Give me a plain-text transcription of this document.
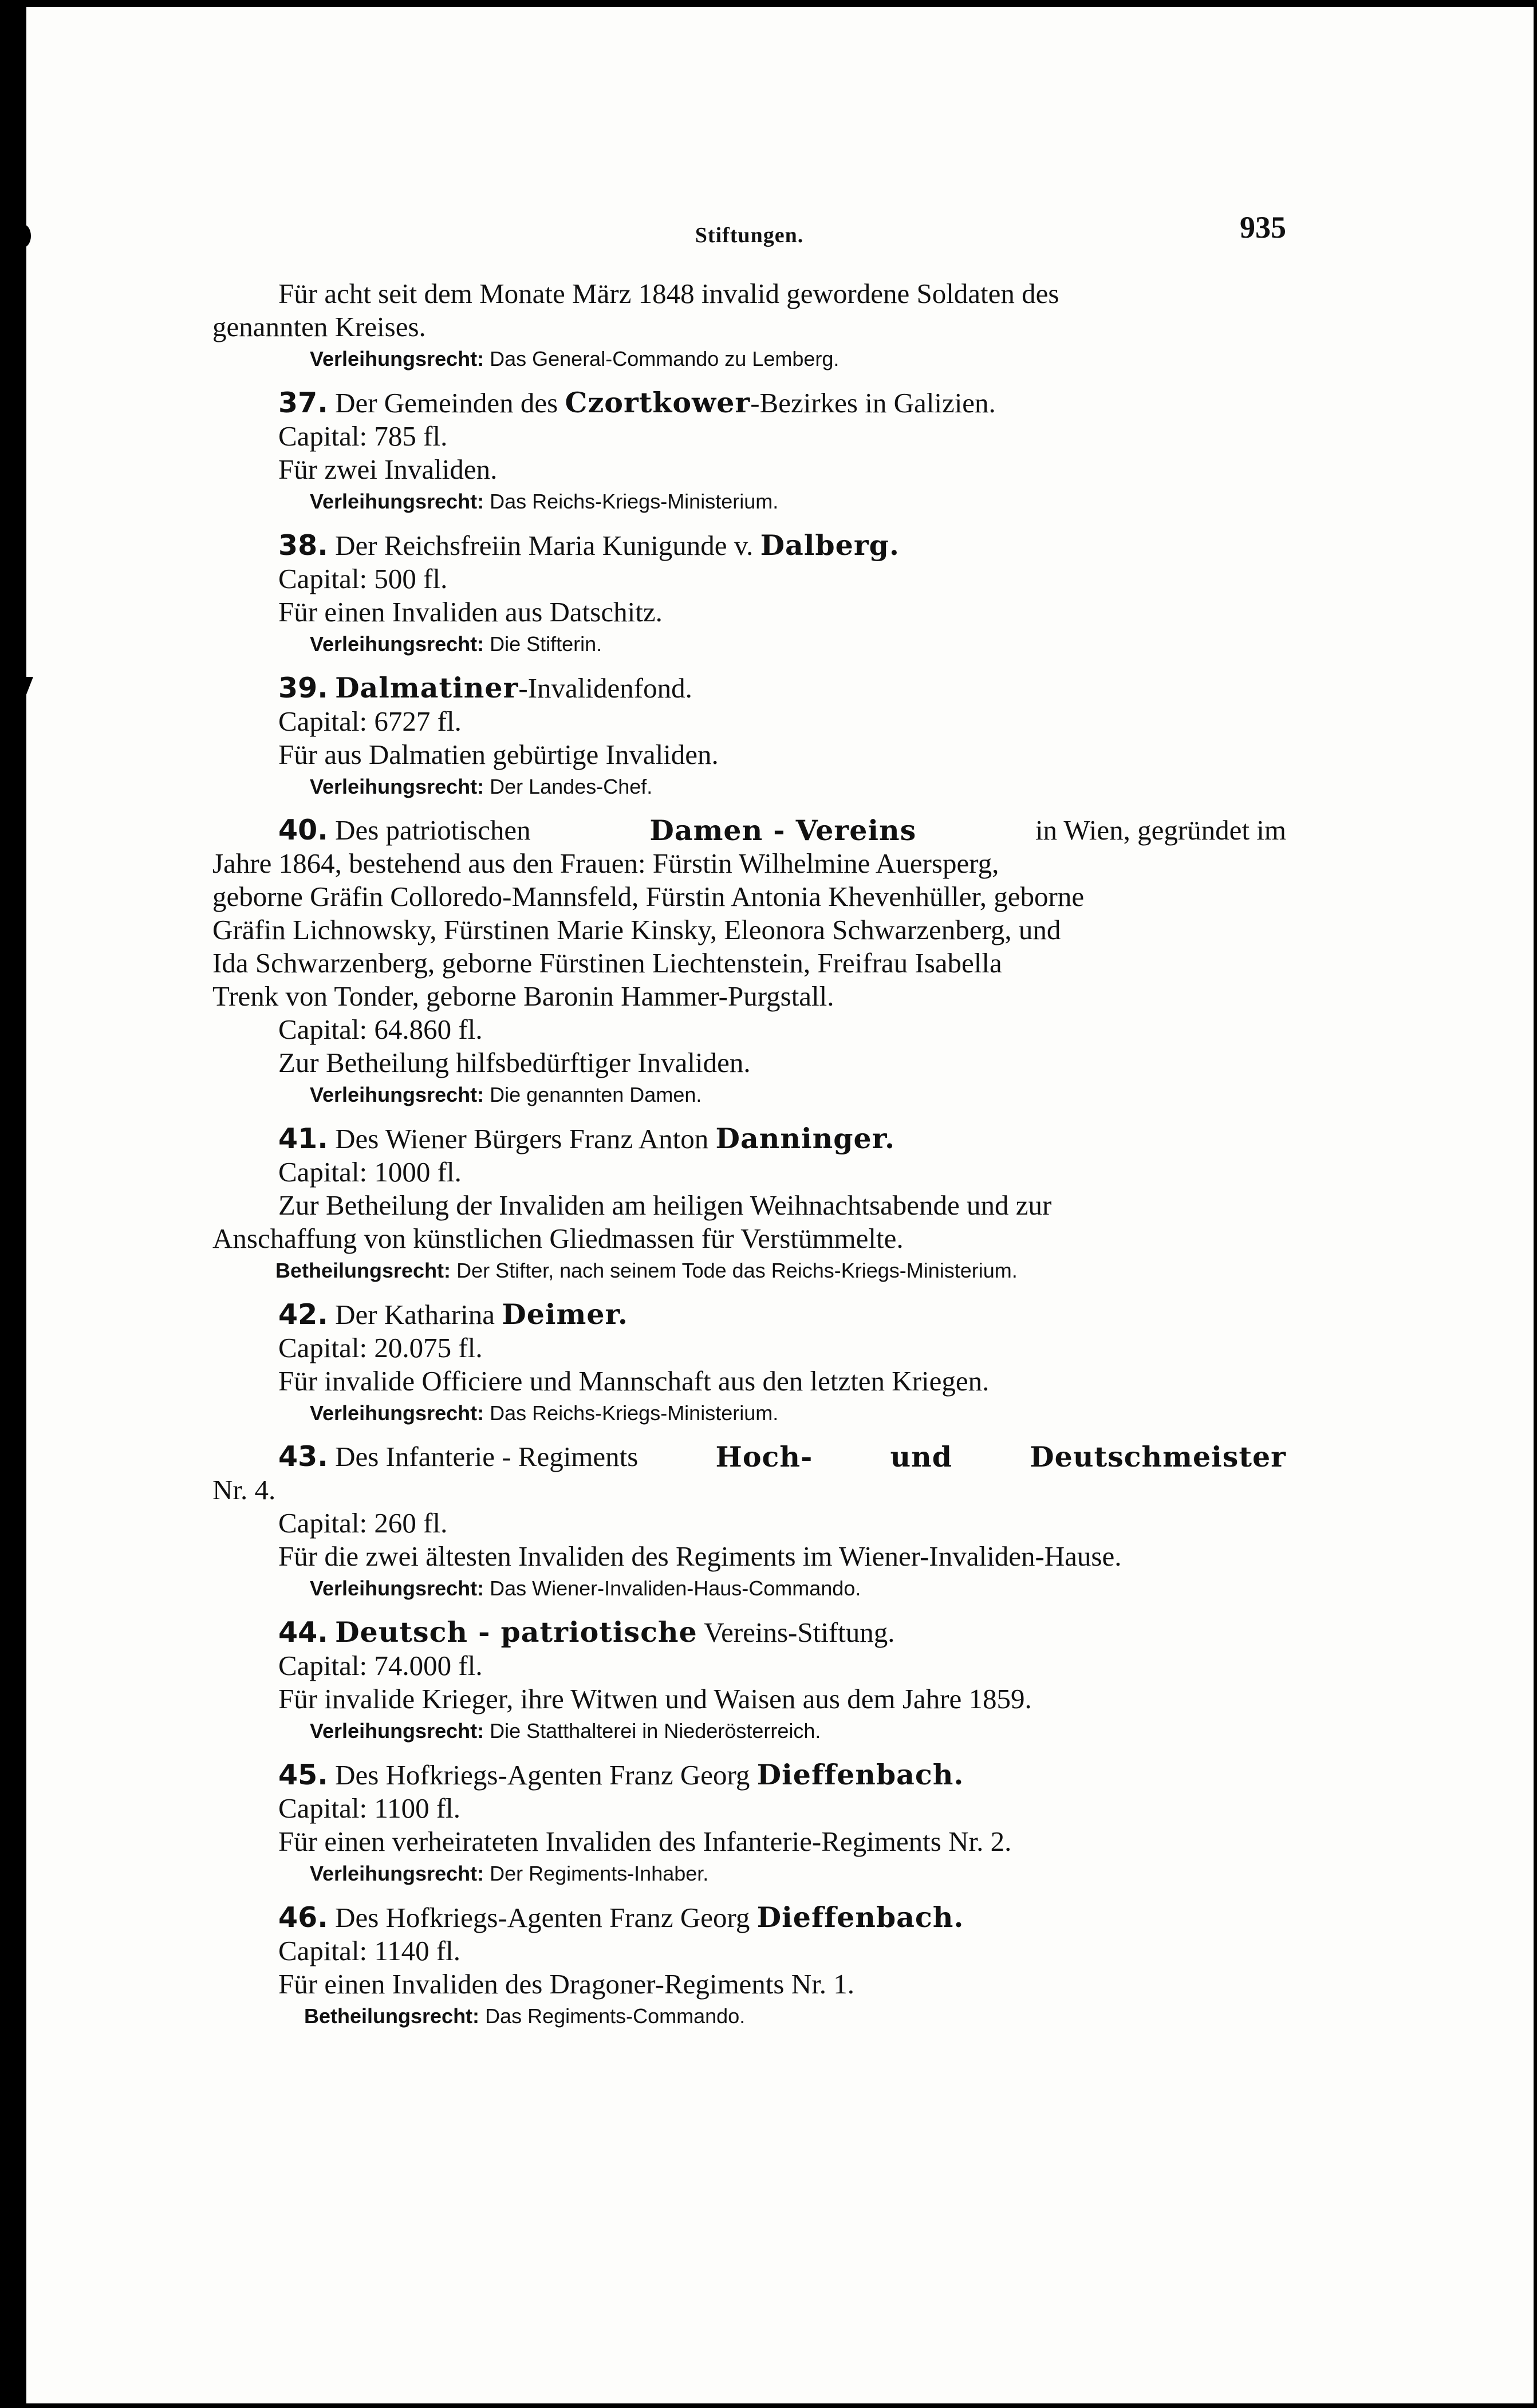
Stiftungen.	935

Für acht seit dem Monate März 1848 invalid gewordene Soldaten des

genannten Kreises.

Verleihungsrecht: Das General-Commando zu Lemberg.

37. Der Gemeinden des Czortkower-Bezirkes in Galizien.

Capital: 785 fl.

Für zwei Invaliden.

Verleihungsrecht: Das Reichs-Kriegs-Ministerium.

38. Der Reichsfreiin Maria Kunigunde v. Dalberg.

Capital: 500 fl.

Für einen Invaliden aus Datschitz.

Verleihungsrecht: Die Stifterin.

39. Dalmatiner-Invalidenfond.

Capital: 6727 fl.

Für aus Dalmatien gebürtige Invaliden.

Verleihungsrecht: Der Landes-Chef.

40. Des patriotischen	Damen - Vereins	in Wien, gegründet im

Jahre 1864, bestehend aus den Frauen: Fürstin Wilhelmine Auersperg,

geborne Gräfin Colloredo-Mannsfeld, Fürstin Antonia Khevenhüller, geborne

Gräfin Lichnowsky, Fürstinen Marie Kinsky, Eleonora Schwarzenberg, und

Ida Schwarzenberg, geborne Fürstinen Liechtenstein, Freifrau Isabella

Trenk von Tonder, geborne Baronin Hammer-Purgstall.

Capital: 64.860 fl.

Zur Betheilung hilfsbedürftiger Invaliden.

Verleihungsrecht: Die genannten Damen.

41. Des Wiener Bürgers Franz Anton Danninger.

Capital: 1000 fl.

Zur Betheilung der Invaliden am heiligen Weihnachtsabende und zur

Anschaffung von künstlichen Gliedmassen für Verstümmelte.

Betheilungsrecht: Der Stifter, nach seinem Tode das Reichs-Kriegs-Ministerium.

42. Der Katharina Deimer.

Capital: 20.075 fl.

Für invalide Officiere und Mannschaft aus den letzten Kriegen.

Verleihungsrecht: Das Reichs-Kriegs-Ministerium.

43. Des Infanterie - Regiments	Hoch-	und	Deutschmeister

Nr. 4.

Capital: 260 fl.

Für die zwei ältesten Invaliden des Regiments im Wiener-Invaliden-Hause.

Verleihungsrecht: Das Wiener-Invaliden-Haus-Commando.

44. Deutsch - patriotische Vereins-Stiftung.

Capital: 74.000 fl.

Für invalide Krieger, ihre Witwen und Waisen aus dem Jahre 1859.

Verleihungsrecht: Die Statthalterei in Niederösterreich.

45. Des Hofkriegs-Agenten Franz Georg Dieffenbach.

Capital: 1100 fl.

Für einen verheirateten Invaliden des Infanterie-Regiments Nr. 2.

Verleihungsrecht: Der Regiments-Inhaber.

46. Des Hofkriegs-Agenten Franz Georg Dieffenbach.

Capital: 1140 fl.

Für einen Invaliden des Dragoner-Regiments Nr. 1.

Betheilungsrecht: Das Regiments-Commando.
